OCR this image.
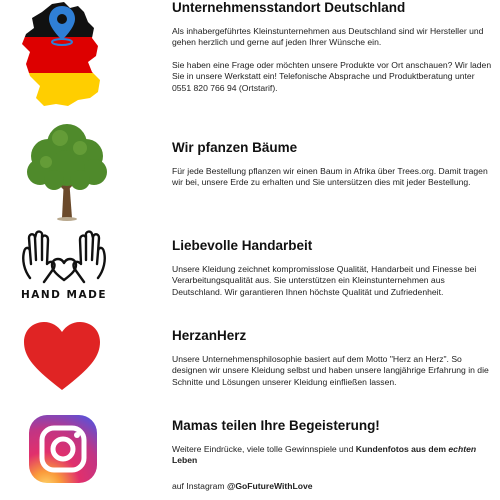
Unternehmensstandort Deutschland

Als inhabergeführtes Kleinstunternehmen aus Deutschland sind wir Hersteller und gehen herzlich und gerne auf jeden Ihrer Wünsche ein.

Sie haben eine Frage oder möchten unsere Produkte vor Ort anschauen? Wir laden Sie in unsere Werkstatt ein! Telefonische Absprache und Produktberatung unter 0551 820 766 94 (Ortstarif).

Wir pfanzen Bäume

Für jede Bestellung pflanzen wir einen Baum in Afrika über Trees.org. Damit tragen wir bei, unsere Erde zu erhalten und Sie untersützen dies mit jeder Bestellung.

HAND MADE
Liebevolle Handarbeit

Unsere Kleidung zeichnet kompromisslose Qualität, Handarbeit und Finesse bei Verarbeitungsqualität aus. Sie unterstützen ein Kleinstunternehmen aus Deutschland. Wir garantieren Ihnen höchste Qualität und Zufriedenheit.

HerzanHerz

Unsere Unternehmensphilosophie basiert auf dem Motto "Herz an Herz". So designen wir unsere Kleidung selbst und haben unsere langjährige Erfahrung in die Schnitte und Lösungen unserer Kleidung einfließen lassen.

Mamas teilen Ihre Begeisterung!

Weitere Eindrücke, viele tolle Gewinnspiele und Kundenfotos aus dem echten
Leben

auf Instagram @GoFutureWithLove
